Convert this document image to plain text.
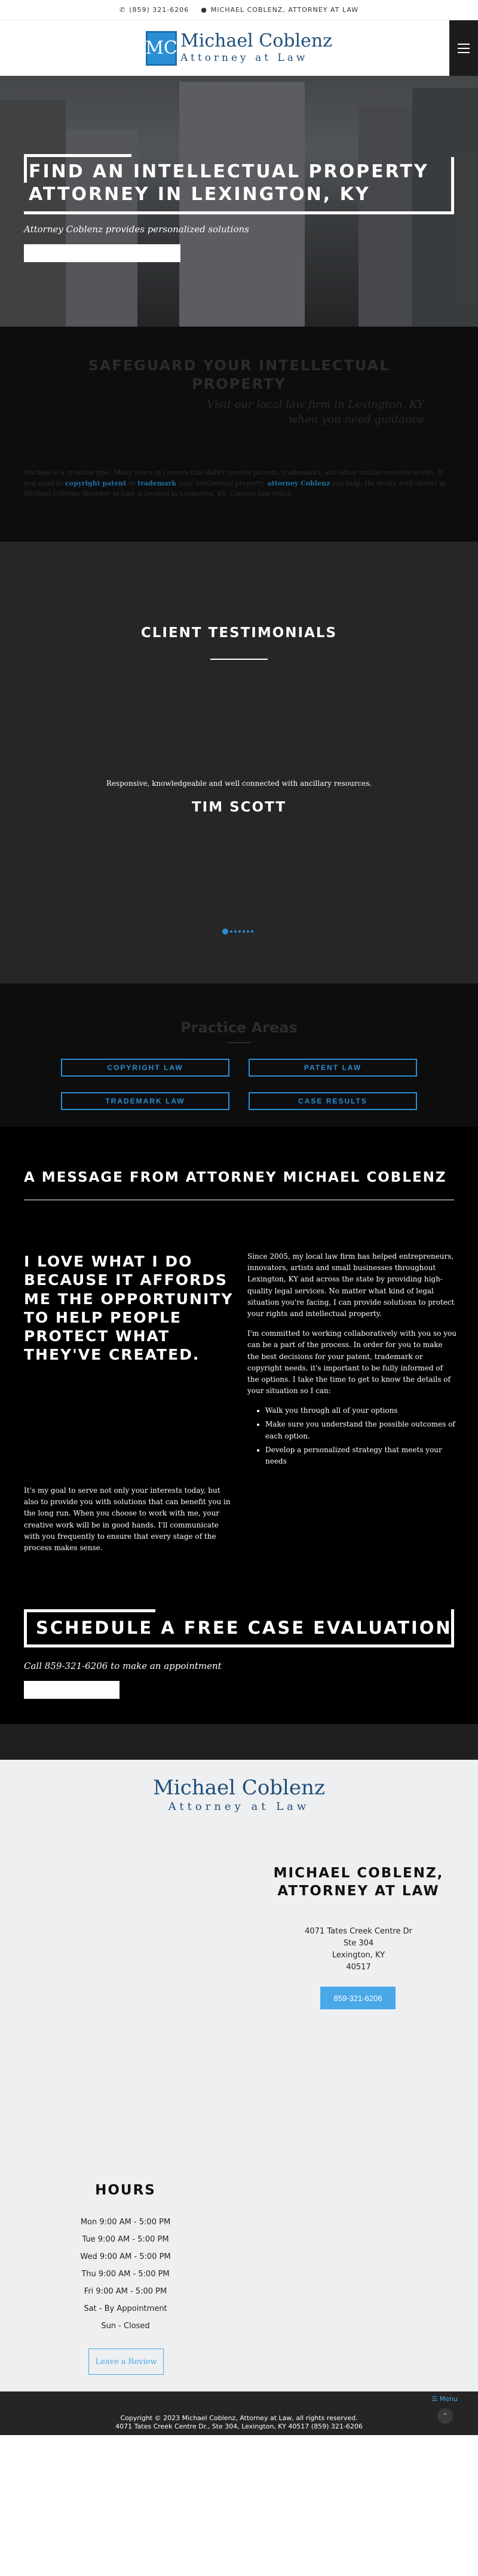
✆ (859) 321-6206 ● MICHAEL COBLENZ, ATTORNEY AT LAW
MC Michael Coblenz
Attorney at Law
FIND AN INTELLECTUAL PROPERTY
ATTORNEY IN LEXINGTON, KY
Attorney Coblenz provides personalized solutions
SAFEGUARD YOUR INTELLECTUAL PROPERTY
Visit our local law firm in Lexington, KY when you need guidance
Michael is a creative type. Many years in careers that didn't involve patents, trademarks, and other similar creative works. If you want to copyright patent or trademark your intellectual property, attorney Coblenz can help. He works with clients in Michael Coblenz Attorney at Law is located in Lexington, KY. Contact him today.
CLIENT TESTIMONIALS
Responsive, knowledgeable and well connected with ancillary resources.
TIM SCOTT
Practice Areas
COPYRIGHT LAW	PATENT LAW
TRADEMARK LAW	CASE RESULTS
A MESSAGE FROM ATTORNEY MICHAEL COBLENZ
I LOVE WHAT I DO BECAUSE IT AFFORDS ME THE OPPORTUNITY TO HELP PEOPLE PROTECT WHAT THEY'VE CREATED.

Since 2005, my local law firm has helped entrepreneurs, innovators, artists and small businesses throughout Lexington, KY and across the state by providing high-quality legal services. No matter what kind of legal situation you're facing, I can provide solutions to protect your rights and intellectual property.

I'm committed to working collaboratively with you so you can be a part of the process. In order for you to make the best decisions for your patent, trademark or copyright needs, it's important to be fully informed of the options. I take the time to get to know the details of your situation so I can:

• Walk you through all of your options
• Make sure you understand the possible outcomes of each option.
• Develop a personalized strategy that meets your needs
It's my goal to serve not only your interests today, but also to provide you with solutions that can benefit you in the long run. When you choose to work with me, your creative work will be in good hands. I'll communicate with you frequently to ensure that every stage of the process makes sense.
SCHEDULE A FREE CASE EVALUATION
Call 859-321-6206 to make an appointment
Michael Coblenz
Attorney at Law
MICHAEL COBLENZ, ATTORNEY AT LAW
4071 Tates Creek Centre Dr
Ste 304
Lexington, KY
40517
859-321-6206
HOURS
Mon 9:00 AM - 5:00 PM
Tue 9:00 AM - 5:00 PM
Wed 9:00 AM - 5:00 PM
Thu 9:00 AM - 5:00 PM
Fri 9:00 AM - 5:00 PM
Sat - By Appointment
Sun - Closed
Leave a Review
☰ Menu
⌃
Copyright © 2023 Michael Coblenz, Attorney at Law, all rights reserved.
4071 Tates Creek Centre Dr., Ste 304, Lexington, KY 40517 (859) 321-6206
